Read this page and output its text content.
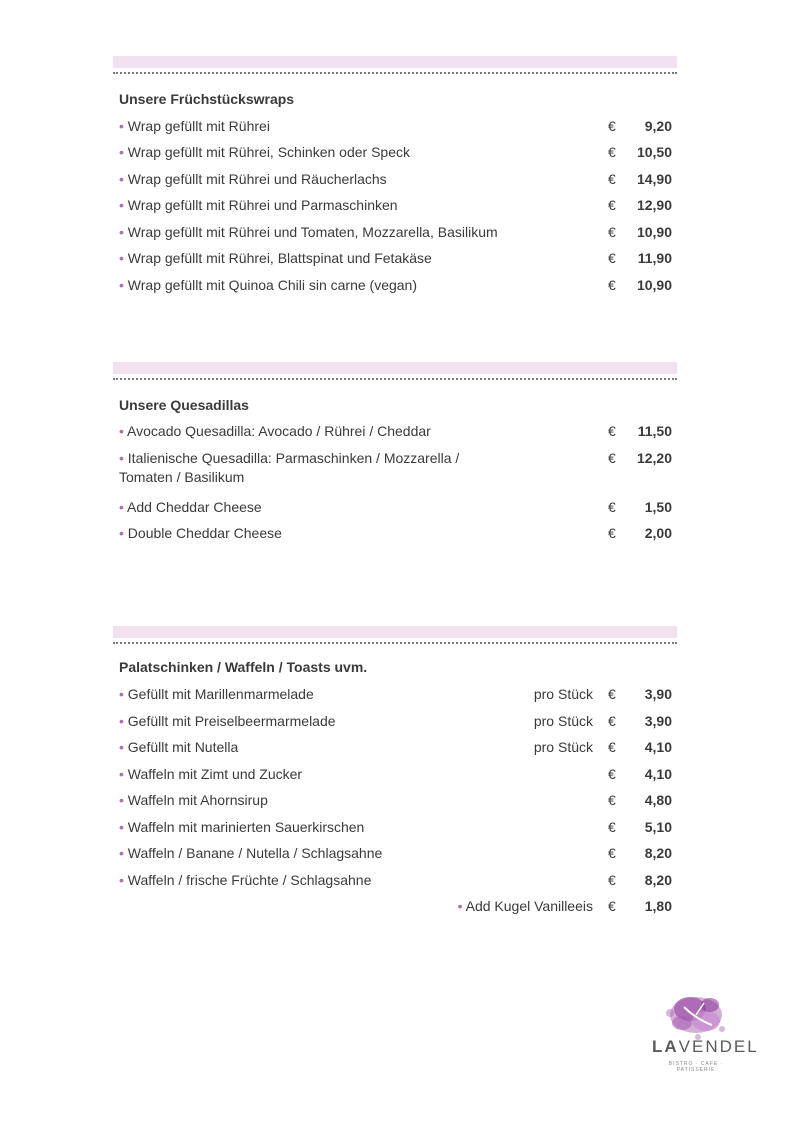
Unsere Früchstückswraps
• Wrap gefüllt mit Rührei	€ 9,20
• Wrap gefüllt mit Rührei, Schinken oder Speck	€ 10,50
• Wrap gefüllt mit Rührei und Räucherlachs	€ 14,90
• Wrap gefüllt mit Rührei und Parmaschinken	€ 12,90
• Wrap gefüllt mit Rührei und Tomaten, Mozzarella, Basilikum	€ 10,90
• Wrap gefüllt mit Rührei, Blattspinat und Fetakäse	€ 11,90
• Wrap gefüllt mit Quinoa Chili sin carne (vegan)	€ 10,90
Unsere Quesadillas
• Avocado Quesadilla: Avocado / Rührei / Cheddar	€ 11,50
• Italienische Quesadilla: Parmaschinken / Mozzarella / Tomaten / Basilikum
€ 12,20
• Add Cheddar Cheese	€ 1,50
• Double Cheddar Cheese	€ 2,00
Palatschinken / Waffeln / Toasts uvm.
• Gefüllt mit Marillenmarmelade	pro Stück € 3,90
• Gefüllt mit Preiselbeermarmelade	pro Stück € 3,90
• Gefüllt mit Nutella	pro Stück € 4,10
• Waffeln mit Zimt und Zucker	€ 4,10
• Waffeln mit Ahornsirup	€ 4,80
• Waffeln mit marinierten Sauerkirschen	€ 5,10
• Waffeln / Banane / Nutella / Schlagsahne	€ 8,20
• Waffeln / frische Früchte / Schlagsahne	€ 8,20
• Add Kugel Vanilleeis € 1,80
LAVENDEL
BISTRO · CAFE · PATISSERIE
